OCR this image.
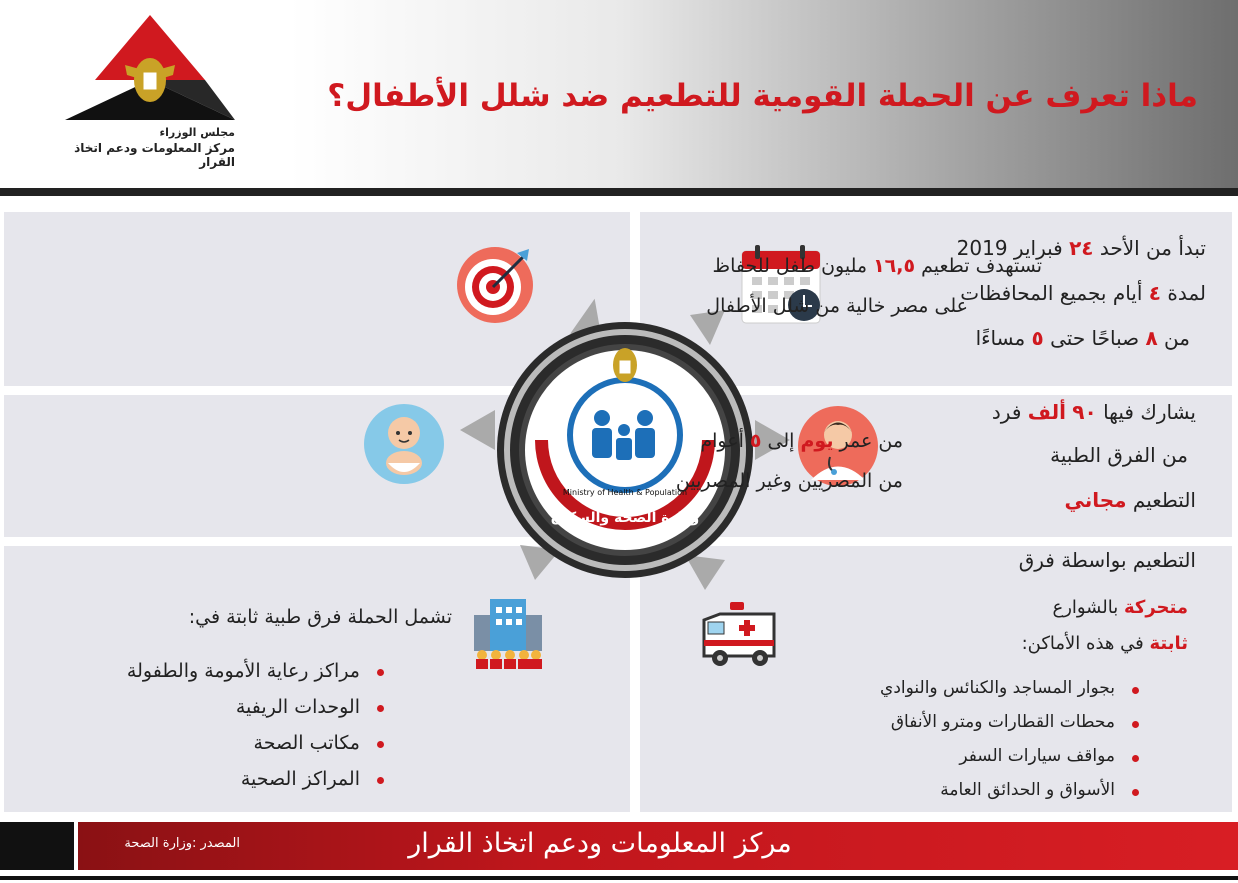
مجلس الوزراء
مركز المعلومات ودعم اتخاذ القرار
ماذا تعرف عن الحملة القومية للتطعيم ضد شلل الأطفال؟
Ministry of Health & Population
وزارة الصحة والسكان
تبدأ من الأحد ٢٤ فبراير 2019
لمدة ٤ أيام بجميع المحافظات
من ٨ صباحًا حتى ٥ مساءًا
تستهدف تطعيم ١٦,٥ مليون طفل للحفاظ
على مصر خالية من شلل الأطفال
يشارك فيها ٩٠ ألف فرد
من الفرق الطبية
التطعيم مجاني
من عمر يوم إلى ٥ أعوام
من المصريين وغير المصريين
تشمل الحملة فرق طبية ثابتة في:
مراكز رعاية الأمومة والطفولة
الوحدات الريفية
مكاتب الصحة
المراكز الصحية
التطعيم بواسطة فرق
متحركة بالشوارع
ثابتة في هذه الأماكن:
بجوار المساجد والكنائس والنوادي
محطات القطارات ومترو الأنفاق
مواقف سيارات السفر
الأسواق و الحدائق العامة
مركز المعلومات ودعم اتخاذ القرار
المصدر :وزارة الصحة
